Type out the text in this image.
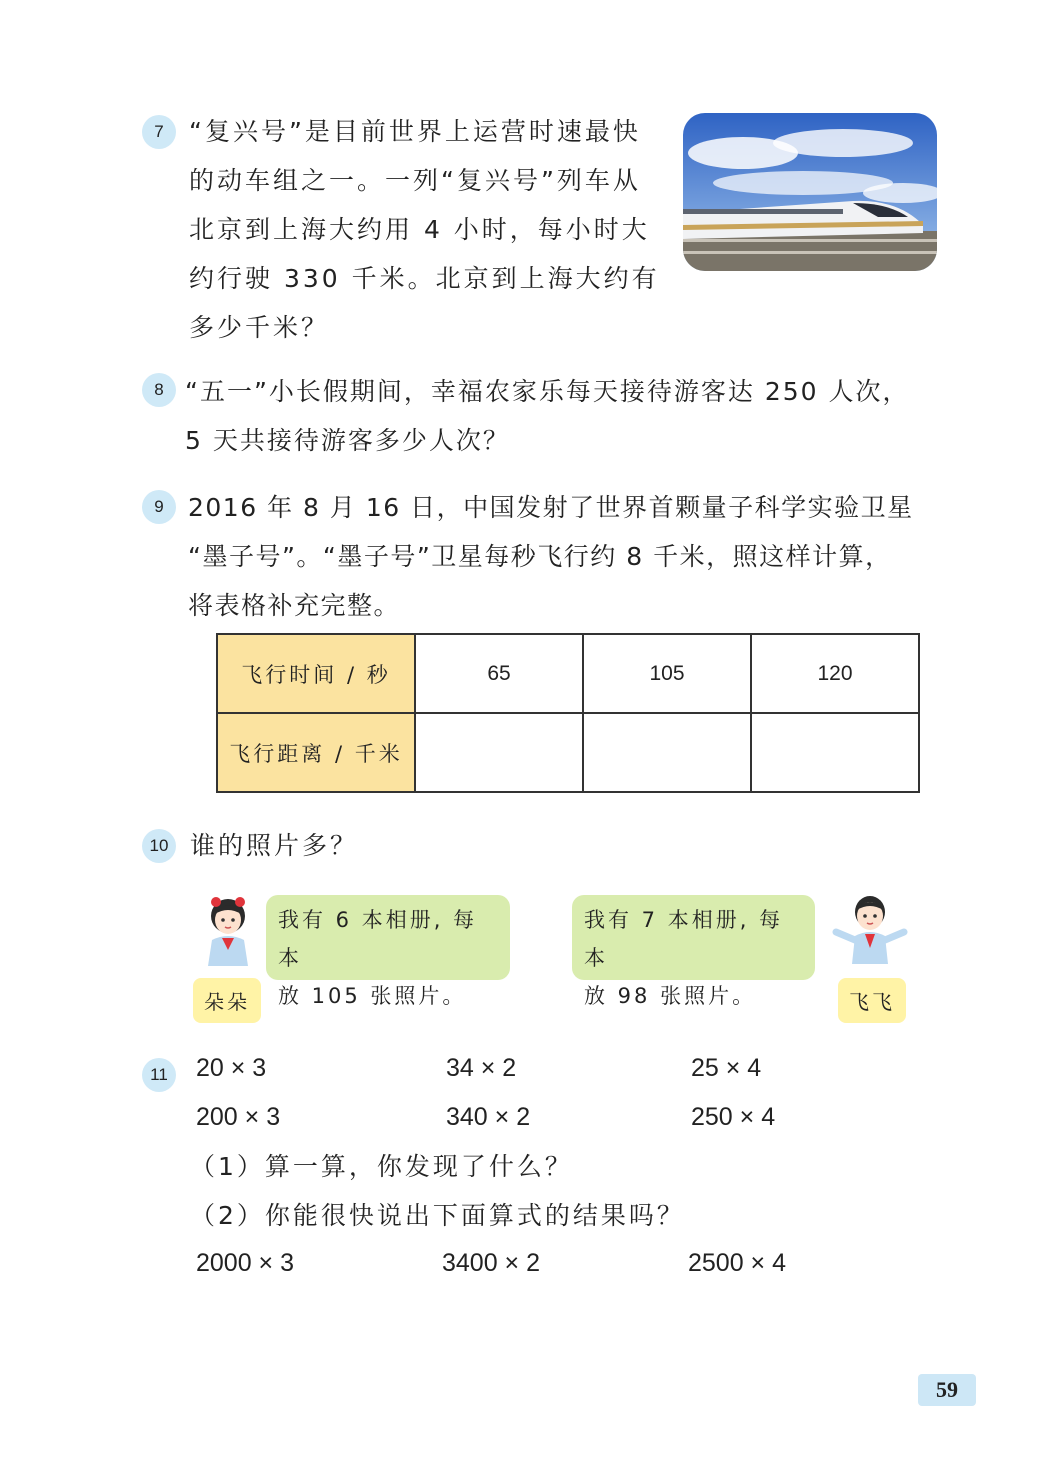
7	“复兴号”是目前世界上运营时速最快
的动车组之一。一列“复兴号”列车从
北京到上海大约用 4 小时，每小时大
约行驶 330 千米。北京到上海大约有
多少千米？
8 “五一”小长假期间，幸福农家乐每天接待游客达 250 人次，
5 天共接待游客多少人次？
9 2016 年 8 月 16 日，中国发射了世界首颗量子科学实验卫星
“墨子号”。“墨子号”卫星每秒飞行约 8 千米，照这样计算，
将表格补充完整。
飞行时间 / 秒	65	105	120
飞行距离 / 千米			
10 谁的照片多？
我有 6 本相册, 每本
放 105 张照片。
朵朵
我有 7 本相册, 每本
放 98 张照片。	飞飞
11	20 × 3	34 × 2	25 × 4
200 × 3	340 × 2	250 × 4
（1）算一算，你发现了什么？
（2）你能很快说出下面算式的结果吗？
2000 × 3	3400 × 2	2500 × 4
59
